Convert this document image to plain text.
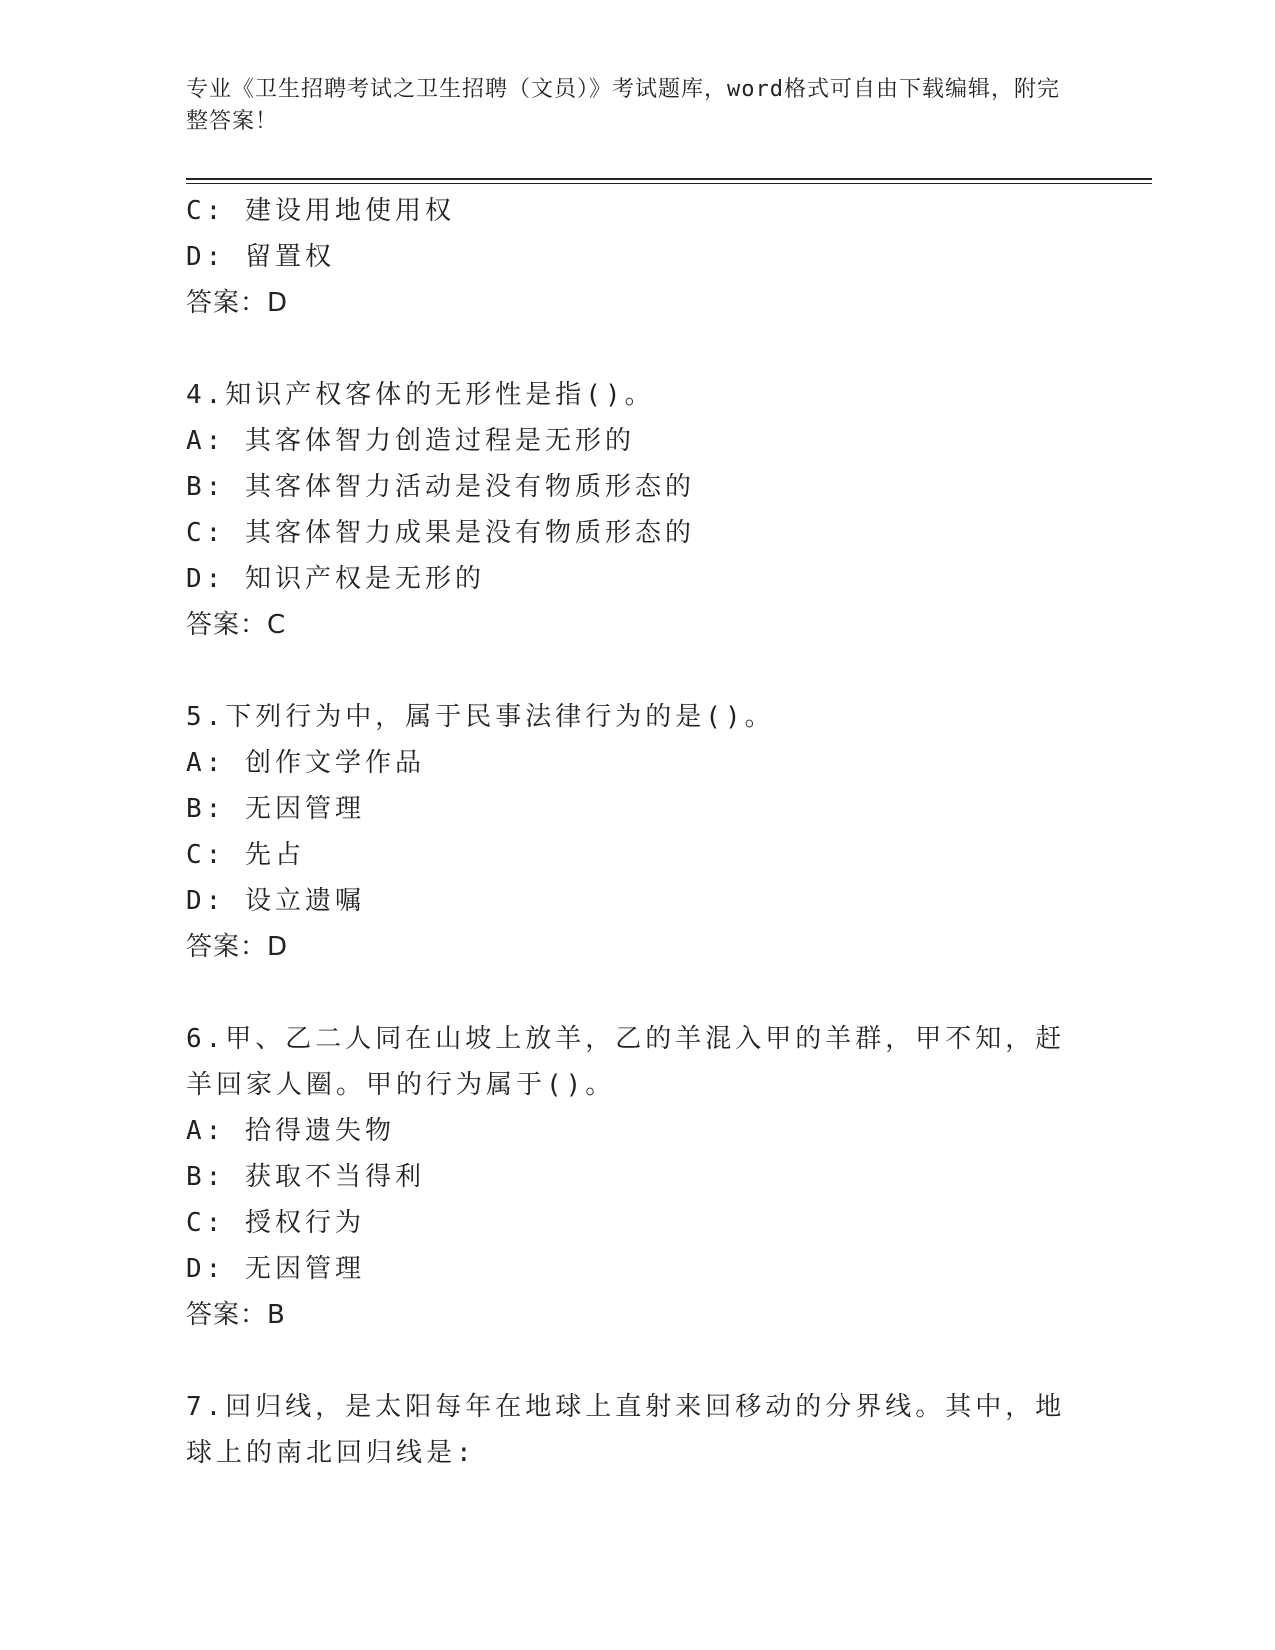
专业《卫生招聘考试之卫生招聘（文员）》考试题库，word格式可自由下载编辑，附完整答案！
C: 建设用地使用权
D: 留置权
答案：D
4.知识产权客体的无形性是指()。
A: 其客体智力创造过程是无形的
B: 其客体智力活动是没有物质形态的
C: 其客体智力成果是没有物质形态的
D: 知识产权是无形的
答案：C
5.下列行为中，属于民事法律行为的是()。
A: 创作文学作品
B: 无因管理
C: 先占
D: 设立遗嘱
答案：D
6.甲、乙二人同在山坡上放羊，乙的羊混入甲的羊群，甲不知，赶羊回家人圈。甲的行为属于()。
A: 拾得遗失物
B: 获取不当得利
C: 授权行为
D: 无因管理
答案：B
7.回归线，是太阳每年在地球上直射来回移动的分界线。其中，地球上的南北回归线是:
